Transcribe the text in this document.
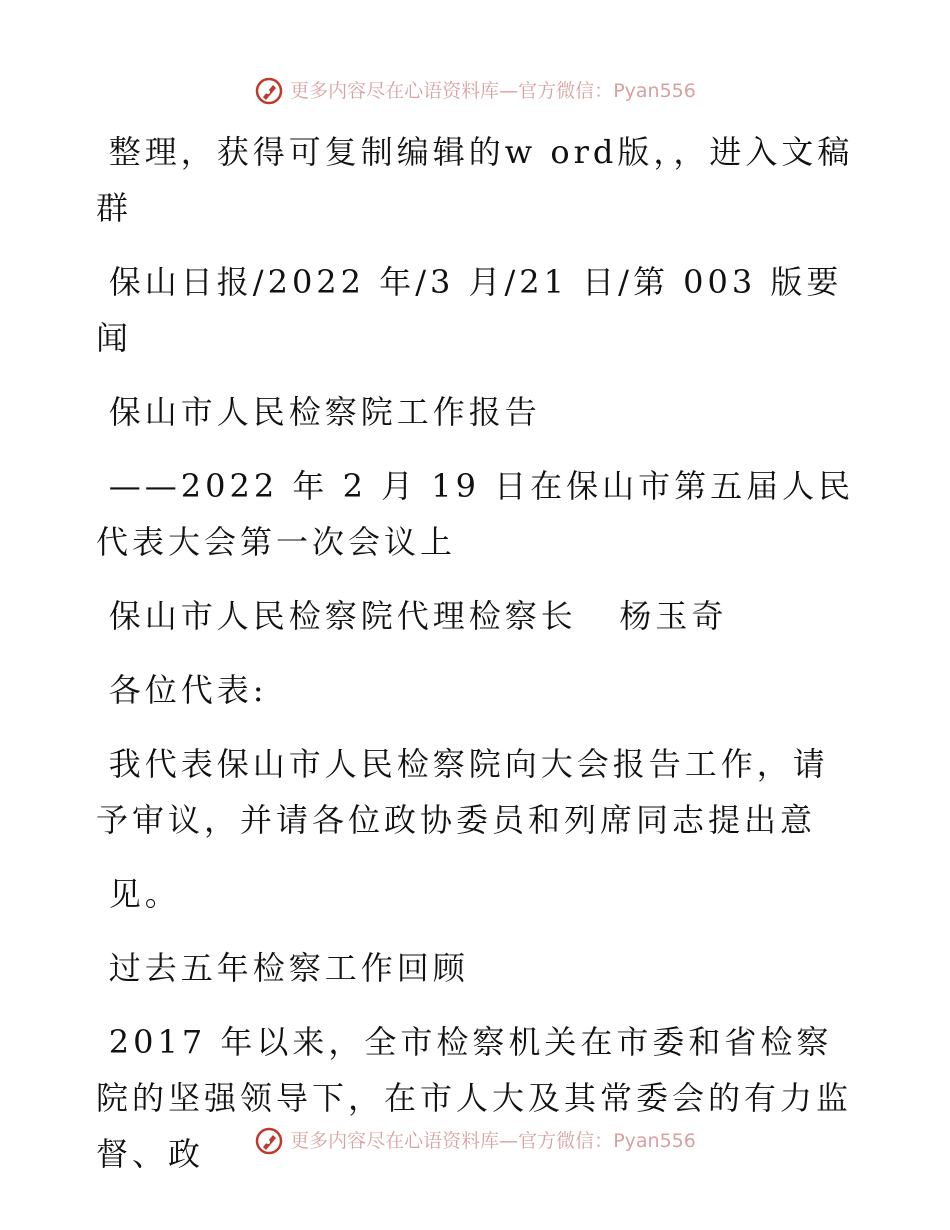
更多内容尽在心语资料库—官方微信：Pyan556

整理，获得可复制编辑的w ord版，，进入文稿群

保山日报/2022 年/3 月/21 日/第 003 版要闻

保山市人民检察院工作报告

——2022 年 2 月 19 日在保山市第五届人民代表大会第一次会议上

保山市人民检察院代理检察长   杨玉奇

各位代表:

我代表保山市人民检察院向大会报告工作，请予审议，并请各位政协委员和列席同志提出意

见。

过去五年检察工作回顾

2017 年以来，全市检察机关在市委和省检察院的坚强领导下，在市人大及其常委会的有力监督、政	更多内容尽在心语资料库—官方微信：Pyan556
